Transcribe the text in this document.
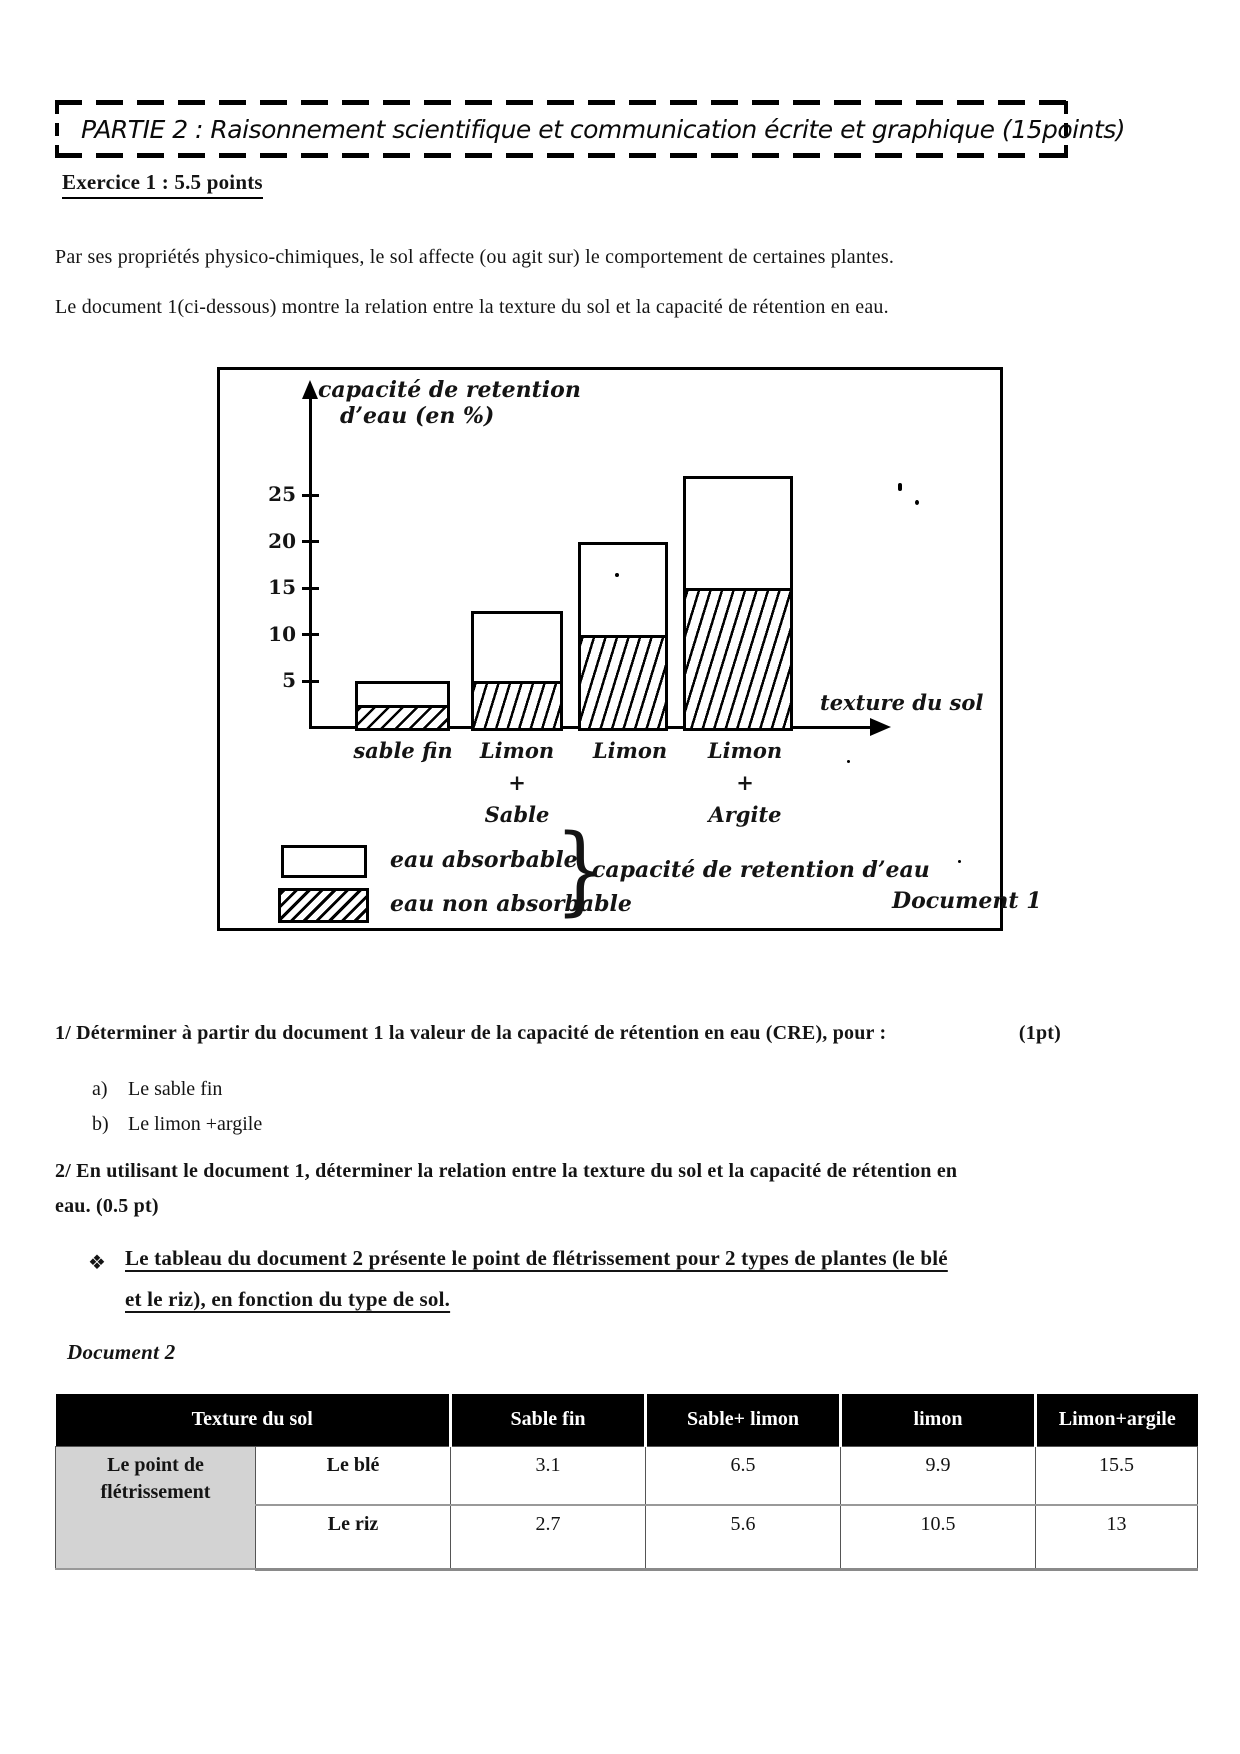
PARTIE 2 : Raisonnement scientifique et communication écrite et graphique (15points)
Exercice 1 : 5.5 points
Par ses propriétés physico-chimiques, le sol affecte (ou agit sur) le comportement de certaines plantes.
Le document 1(ci-dessous) montre la relation entre la texture du sol et la capacité de rétention en eau.
capacité de retention
d’eau (en %)
texture du sol
5
10
15
20
25
sable fin	Limon
+
Sable
Limon	Limon
+
Argite
eau absorbable
eau non absorbable
}
capacité de retention d’eau
Document 1
1/ Déterminer à partir du document 1 la valeur de la capacité de rétention en eau (CRE), pour :	(1pt)
a)	Le sable fin
b) Le limon +argile
2/ En utilisant le document 1, déterminer la relation entre la texture du sol et la capacité de rétention en
eau. (0.5 pt)
❖ Le tableau du document 2 présente le point de flétrissement pour 2 types de plantes (le blé
et le riz), en fonction du type de sol.
Document 2
Texture du sol		Sable fin	Sable+ limon	limon	Limon+argile
Le point de flétrissement	Le blé	3.1	6.5	9.9	15.5
	Le riz	2.7	5.6	10.5	13
